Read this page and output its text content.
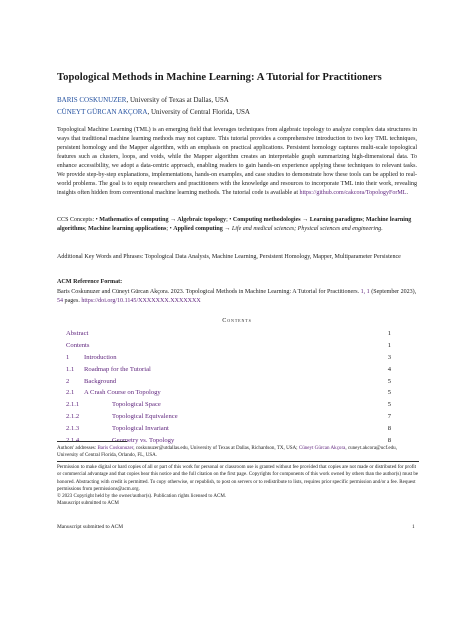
Topological Methods in Machine Learning: A Tutorial for Practitioners
BARIS COSKUNUZER, University of Texas at Dallas, USA
CÜNEYT GÜRCAN AKÇORA, University of Central Florida, USA
Topological Machine Learning (TML) is an emerging field that leverages techniques from algebraic topology to analyze complex data structures in ways that traditional machine learning methods may not capture. This tutorial provides a comprehensive introduction to two key TML techniques, persistent homology and the Mapper algorithm, with an emphasis on practical applications. Persistent homology captures multi-scale topological features such as clusters, loops, and voids, while the Mapper algorithm creates an interpretable graph summarizing high-dimensional data. To enhance accessibility, we adopt a data-centric approach, enabling readers to gain hands-on experience applying these techniques to relevant tasks. We provide step-by-step explanations, implementations, hands-on examples, and case studies to demonstrate how these tools can be applied to real-world problems. The goal is to equip researchers and practitioners with the knowledge and resources to incorporate TML into their work, revealing insights often hidden from conventional machine learning methods. The tutorial code is available at https://github.com/cakcora/TopologyForML.
CCS Concepts: • Mathematics of computing → Algebraic topology; • Computing methodologies → Learning paradigms; Machine learning algorithms; Machine learning applications; • Applied computing → Life and medical sciences; Physical sciences and engineering.
Additional Key Words and Phrases: Topological Data Analysis, Machine Learning, Persistent Homology, Mapper, Multiparameter Persistence
ACM Reference Format:
Baris Coskunuzer and Cüneyt Gürcan Akçora. 2023. Topological Methods in Machine Learning: A Tutorial for Practitioners. 1, 1 (September 2023), 54 pages. https://doi.org/10.1145/XXXXXXX.XXXXXXX
Contents
Abstract	1
Contents	1
1 Introduction	3
1.1 Roadmap for the Tutorial	4
2 Background	5
2.1 A Crash Course on Topology	5
2.1.1	Topological Space	5
2.1.2	Topological Equivalence	7
2.1.3	Topological Invariant	8
2.1.4	Geometry vs. Topology	8
Authors' addresses: Baris Coskunuzer, coskunuzer@utdallas.edu, University of Texas at Dallas, Richardson, TX, USA; Cüneyt Gürcan Akçora, cuneyt.akcora@ucf.edu, University of Central Florida, Orlando, FL, USA.
Permission to make digital or hard copies of all or part of this work for personal or classroom use is granted without fee provided that copies are not made or distributed for profit or commercial advantage and that copies bear this notice and the full citation on the first page. Copyrights for components of this work owned by others than the author(s) must be honored. Abstracting with credit is permitted. To copy otherwise, or republish, to post on servers or to redistribute to lists, requires prior specific permission and/or a fee. Request permissions from permissions@acm.org.
© 2023 Copyright held by the owner/author(s). Publication rights licensed to ACM.
Manuscript submitted to ACM
Manuscript submitted to ACM	1
